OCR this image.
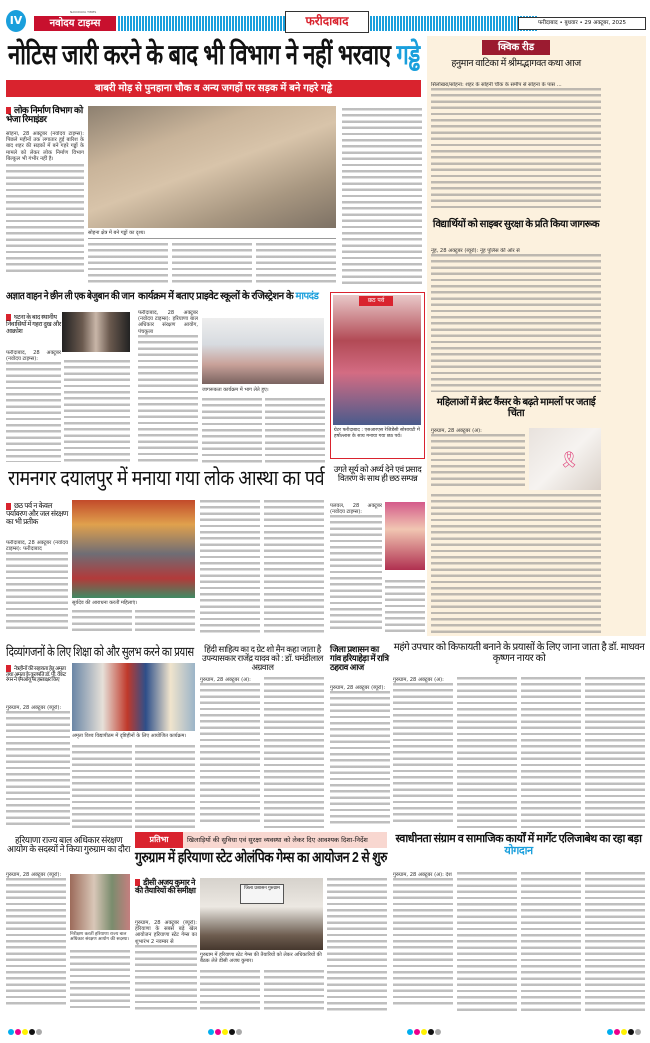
IV
NAVODAYA TIMES
नवोदय टाइम्स	फरीदाबाद	फरीदाबाद • बुधवार • 29 अक्टूबर, 2025
नोटिस जारी करने के बाद भी विभाग ने नहीं भरवाए गड्ढे
बाबरी मोड़ से पुनहाना चौक व अन्य जगहों पर सड़क में बने गहरे गड्ढे
लोक निर्माण विभाग को भेजा रिमाइंडर
सोहना, 28 अक्टूबर (नवोदय टाइम्स): पिछले महीनों तक लगातार हुई बारिश के बाद शहर की सड़कों में बने गहरे गड्ढों के मामले को लेकर लोक निर्माण विभाग बिल्कुल भी गंभीर नहीं है।
सोहना क्षेत्र में बने गड्ढों का दृश्य।
क्विक रीड
हनुमान वाटिका में श्रीमद्भागवत कथा आज
सिलोखरा/सोहना: शहर के सोहनी चौक के समीप से सोहना के पास ...
विद्यार्थियों को साइबर सुरक्षा के प्रति किया जागरूक
नूंह, 28 अक्टूबर (ब्यूरो): नूंह पुलिस की ओर से
महिलाओं में ब्रेस्ट कैंसर के बढ़ते मामलों पर जताई चिंता
गुरुग्राम, 28 अक्टूबर (अ):
🎗
अज्ञात वाहन ने छीन ली एक बेजुबान की जान
घटना के बाद स्थानीय निवासियों में गहरा दुख और आक्रोश
फरीदाबाद, 28 अक्टूबर (नवोदय टाइम्स):
कार्यक्रम में बताए प्राइवेट स्कूलों के रजिस्ट्रेशन के मापदंड
फरीदाबाद, 28 अक्टूबर (नवोदय टाइम्स): हरियाणा बाल अधिकार संरक्षण आयोग, पंचकूला
जागरूकता कार्यक्रम में भाग लेते हुए।
छठ पर्व
ग्रेटर फरीदाबाद : एसआरएस रेजिडेंसी सोसायटी में हर्षोल्लास के साथ मनाया गया छठ पर्व।
रामनगर दयालपुर में मनाया गया लोक आस्था का पर्व
छठ पर्व न केवल पर्यावरण और जल संरक्षण का भी प्रतीक
फरीदाबाद, 28 अक्टूबर (नवोदय टाइम्स): फरीदाबाद
सूर्यदेव की आराधना करतीं महिलाएं।
उगते सूर्य को अर्घ्य देने एवं प्रसाद वितरण के साथ ही छठ सम्पन्न
पलवल, 28 अक्टूबर (नवोदय टाइम्स):
दिव्यांगजनों के लिए शिक्षा को और सुलभ करने का प्रयास
नेत्रहीनों की सहायता हेतु अमृता तथा अमृता के कुलपति डॉ. पी. वेंकट रंगन ने एमओयू पर हस्ताक्षर किए
गुरुग्राम, 28 अक्टूबर (ब्यूरो):
अमृता विश्व विद्यापीठम में दृष्टिहीनों के लिए आयोजित कार्यक्रम।
हिंदी साहित्य का द ग्रेट शो मैन कहा जाता है उपन्यासकार राजेंद्र यादव को : डॉ. घमंडीलाल अग्रवाल
गुरुग्राम, 28 अक्टूबर (अ):
जिला प्रशासन का गांव हरियाहेड़ा में रात्रि ठहराव आज
गुरुग्राम, 28 अक्टूबर (ब्यूरो):
महंगे उपचार को किफायती बनाने के प्रयासों के लिए जाना जाता है डॉ. माधवन कृष्णन नायर को
गुरुग्राम, 28 अक्टूबर (अ):
हरियाणा राज्य बाल अधिकार संरक्षण आयोग के सदस्यों ने किया गुरुग्राम का दौरा
गुरुग्राम, 28 अक्टूबर (ब्यूरो):
निरीक्षण करतीं हरियाणा राज्य बाल अधिकार संरक्षण आयोग की सदस्या।
प्रतिभा	खिलाड़ियों की सुविधा एवं सुरक्षा व्यवस्था को लेकर दिए आवश्यक दिशा-निर्देश
गुरुग्राम में हरियाणा स्टेट ओलंपिक गेम्स का आयोजन 2 से शुरु
डीसी अजय कुमार ने की तैयारियों की समीक्षा
गुरुग्राम, 28 अक्टूबर (ब्यूरो): हरियाणा के सबसे बड़े खेल आयोजन हरियाणा स्टेट गेम्स का शुभारंभ 2 नवम्बर से
जिला प्रशासन गुरुग्राम
गुरुग्राम में हरियाणा स्टेट गेम्स की तैयारियों को लेकर अधिकारियों की बैठक लेते डीसी अजय कुमार।
स्वाधीनता संग्राम व सामाजिक कार्यों में मार्गेट एलिजाबेथ का रहा बड़ा योगदान
गुरुग्राम, 28 अक्टूबर (अ): देश
